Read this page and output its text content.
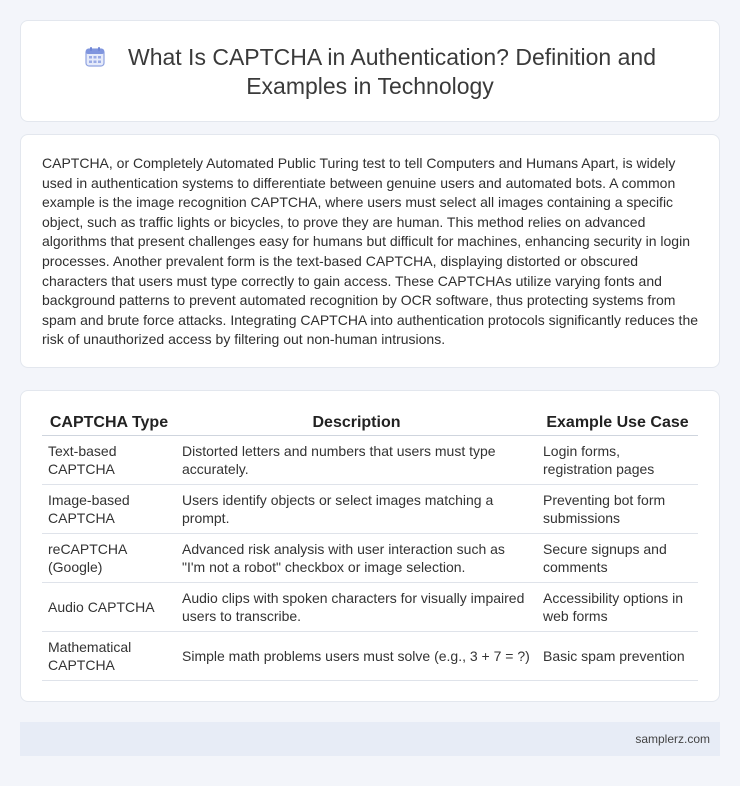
What Is CAPTCHA in Authentication? Definition and Examples in Technology

CAPTCHA, or Completely Automated Public Turing test to tell Computers and Humans Apart, is widely used in authentication systems to differentiate between genuine users and automated bots. A common example is the image recognition CAPTCHA, where users must select all images containing a specific object, such as traffic lights or bicycles, to prove they are human. This method relies on advanced algorithms that present challenges easy for humans but difficult for machines, enhancing security in login processes. Another prevalent form is the text-based CAPTCHA, displaying distorted or obscured characters that users must type correctly to gain access. These CAPTCHAs utilize varying fonts and background patterns to prevent automated recognition by OCR software, thus protecting systems from spam and brute force attacks. Integrating CAPTCHA into authentication protocols significantly reduces the risk of unauthorized access by filtering out non-human intrusions.

CAPTCHA Type	Description	Example Use Case
Text-based CAPTCHA	Distorted letters and numbers that users must type accurately.	Login forms, registration pages
Image-based CAPTCHA	Users identify objects or select images matching a prompt.	Preventing bot form submissions
reCAPTCHA (Google)	Advanced risk analysis with user interaction such as "I'm not a robot" checkbox or image selection.	Secure signups and comments
Audio CAPTCHA	Audio clips with spoken characters for visually impaired users to transcribe.	Accessibility options in web forms
Mathematical CAPTCHA	Simple math problems users must solve (e.g., 3 + 7 = ?)	Basic spam prevention
samplerz.com
